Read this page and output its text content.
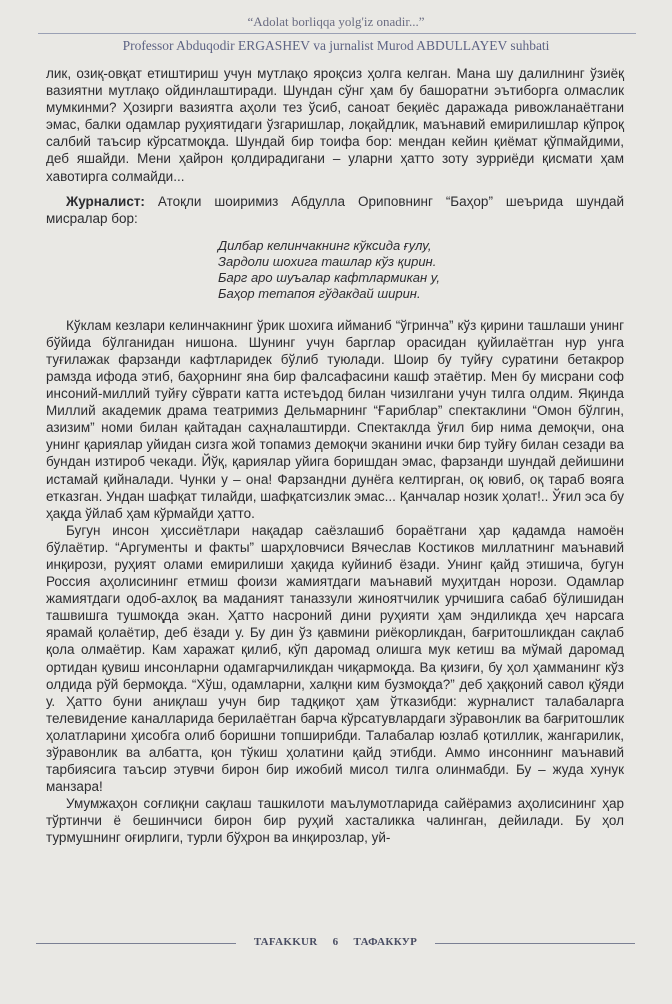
“Adolat borliqqa yolg'iz onadir...”
Professor Abduqodir ERGASHEV va jurnalist Murod ABDULLAYEV suhbati

лик, озиқ-овқат етиштириш учун мутлақо яроқсиз ҳолга келган. Мана шу далилнинг ўзиёқ вазиятни мутлақо ойдинлаштиради. Шундан сўнг ҳам бу башоратни эътиборга олмаслик мумкинми? Ҳозирги вазиятга аҳоли тез ўсиб, саноат беқиёс даражада ривожланаётгани эмас, балки одамлар руҳиятидаги ўзгаришлар, лоқайдлик, маънавий емирилишлар кўпроқ салбий таъсир кўрсатмоқда. Шундай бир тоифа бор: мендан кейин қиёмат қўпмайдими, деб яшайди. Мени ҳайрон қолдирадигани – уларни ҳатто зоту зурриёди қисмати ҳам хавотирга солмайди...

Журналист: Атоқли шоиримиз Абдулла Ориповнинг “Баҳор” шеърида шундай мисралар бор:

Дилбар келинчакнинг кўксида ғулу,
Зардоли шохига ташлар кўз қирин.
Барг аро шуъалар кафтлармикан у,
Баҳор тетапоя гўдакдай ширин.

Кўклам кезлари келинчакнинг ўрик шохига ийманиб “ўгринча” кўз қирини ташлаши унинг бўйида бўлганидан нишона. Шунинг учун барглар орасидан қуйилаётган нур унга туғилажак фарзанди кафтларидек бўлиб туюлади. Шоир бу туйғу суратини бетакрор рамзда ифода этиб, баҳорнинг яна бир фалсафасини кашф этаётир. Мен бу мисрани соф инсоний-миллий туйғу сўврати катта истеъдод билан чизилгани учун тилга олдим. Яқинда Миллий академик драма театримиз Дельмарнинг “Ғариблар” спектаклини “Омон бўлгин, азизим” номи билан қайтадан саҳналаштирди. Спектаклда ўғил бир нима демоқчи, она унинг қариялар уйидан сизга жой топамиз демоқчи эканини ички бир туйғу билан сезади ва бундан изтироб чекади. Йўқ, қариялар уйига боришдан эмас, фарзанди шундай дейишини истамай қийналади. Чунки у – она! Фарзандни дунёга келтирган, оқ ювиб, оқ тараб вояга етказган. Ундан шафқат тилайди, шафқатсизлик эмас... Қанчалар нозик ҳолат!.. Ўғил эса бу ҳақда ўйлаб ҳам кўрмайди ҳатто.

Бугун инсон ҳиссиётлари нақадар саёзлашиб бораётгани ҳар қадамда намоён бўлаётир. “Аргументы и факты” шарҳловчиси Вячеслав Костиков миллатнинг маънавий инқирози, руҳият олами емирилиши ҳақида куйиниб ёзади. Унинг қайд этишича, бугун Россия аҳолисининг етмиш фоизи жамиятдаги маънавий муҳитдан норози. Одамлар жамиятдаги одоб-ахлоқ ва маданият таназзули жиноятчилик урчишига сабаб бўлишидан ташвишга тушмоқда экан. Ҳатто насроний дини руҳияти ҳам эндиликда ҳеч нарсага ярамай қолаётир, деб ёзади у. Бу дин ўз қавмини риёкорликдан, бағритошликдан сақлаб қола олмаётир. Кам харажат қилиб, кўп даромад олишга мук кетиш ва мўмай даромад ортидан қувиш инсонларни одамгарчиликдан чиқармоқда. Ва қизиғи, бу ҳол ҳамманинг кўз олдида рўй бермоқда. “Хўш, одамларни, халқни ким бузмоқда?” деб ҳаққоний савол қўяди у. Ҳатто буни аниқлаш учун бир тадқиқот ҳам ўтказибди: журналист талабаларга телевидение каналларида берилаётган барча кўрсатувлардаги зўравонлик ва бағритошлик ҳолатларини ҳисобга олиб боришни топширибди. Талабалар юзлаб қотиллик, жангарилик, зўравонлик ва албатта, қон тўкиш ҳолатини қайд этибди. Аммо инсоннинг маънавий тарбиясига таъсир этувчи бирон бир ижобий мисол тилга олинмабди. Бу – жуда хунук манзара!

Умумжаҳон соғлиқни сақлаш ташкилоти маълумотларида сайёрамиз аҳолисининг ҳар тўртинчи ё бешинчиси бирон бир руҳий хасталикка чалинган, дейилади. Бу ҳол турмушнинг оғирлиги, турли бўҳрон ва инқирозлар, уй-

TAFAKKUR 6 ТАФАККУР
